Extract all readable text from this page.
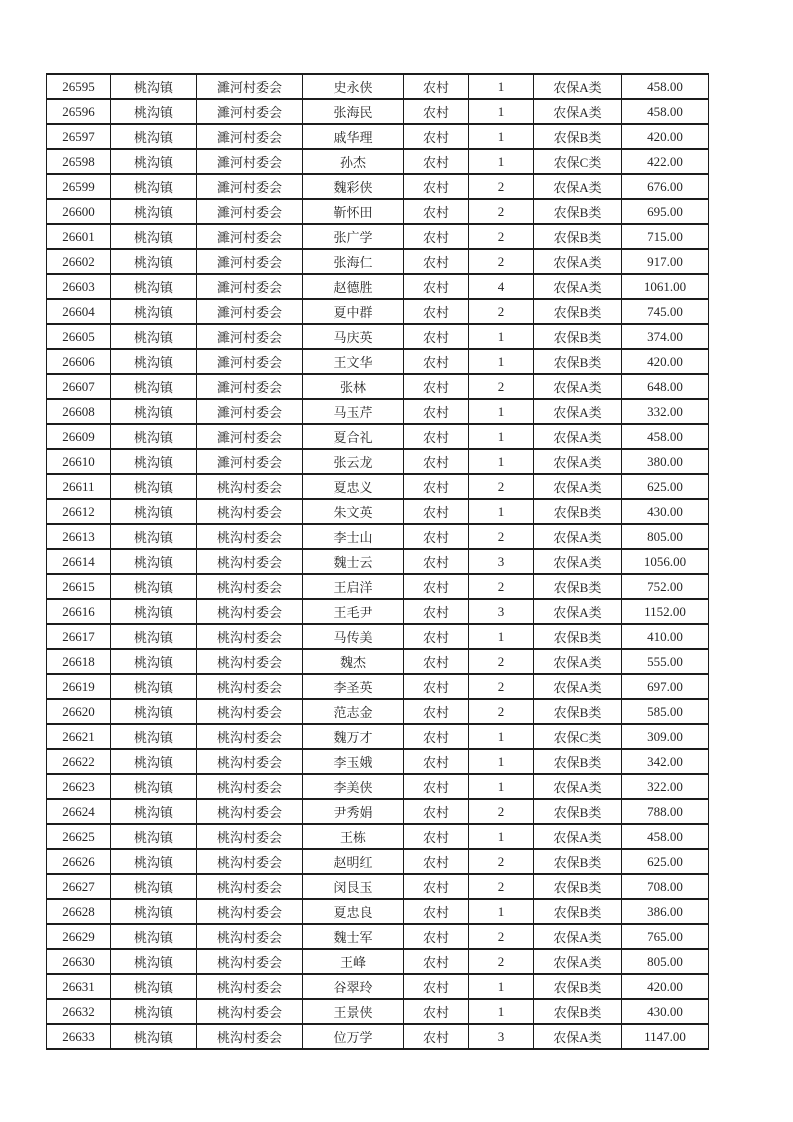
26595	桃沟镇	濉河村委会	史永侠	农村	1	农保A类	458.00
26596	桃沟镇	濉河村委会	张海民	农村	1	农保A类	458.00
26597	桃沟镇	濉河村委会	戚华理	农村	1	农保B类	420.00
26598	桃沟镇	濉河村委会	孙杰	农村	1	农保C类	422.00
26599	桃沟镇	濉河村委会	魏彩侠	农村	2	农保A类	676.00
26600	桃沟镇	濉河村委会	靳怀田	农村	2	农保B类	695.00
26601	桃沟镇	濉河村委会	张广学	农村	2	农保B类	715.00
26602	桃沟镇	濉河村委会	张海仁	农村	2	农保A类	917.00
26603	桃沟镇	濉河村委会	赵德胜	农村	4	农保A类	1061.00
26604	桃沟镇	濉河村委会	夏中群	农村	2	农保B类	745.00
26605	桃沟镇	濉河村委会	马庆英	农村	1	农保B类	374.00
26606	桃沟镇	濉河村委会	王文华	农村	1	农保B类	420.00
26607	桃沟镇	濉河村委会	张林	农村	2	农保A类	648.00
26608	桃沟镇	濉河村委会	马玉芹	农村	1	农保A类	332.00
26609	桃沟镇	濉河村委会	夏合礼	农村	1	农保A类	458.00
26610	桃沟镇	濉河村委会	张云龙	农村	1	农保A类	380.00
26611	桃沟镇	桃沟村委会	夏忠义	农村	2	农保A类	625.00
26612	桃沟镇	桃沟村委会	朱文英	农村	1	农保B类	430.00
26613	桃沟镇	桃沟村委会	李士山	农村	2	农保A类	805.00
26614	桃沟镇	桃沟村委会	魏士云	农村	3	农保A类	1056.00
26615	桃沟镇	桃沟村委会	王启洋	农村	2	农保B类	752.00
26616	桃沟镇	桃沟村委会	王毛尹	农村	3	农保A类	1152.00
26617	桃沟镇	桃沟村委会	马传美	农村	1	农保B类	410.00
26618	桃沟镇	桃沟村委会	魏杰	农村	2	农保A类	555.00
26619	桃沟镇	桃沟村委会	李圣英	农村	2	农保A类	697.00
26620	桃沟镇	桃沟村委会	范志金	农村	2	农保B类	585.00
26621	桃沟镇	桃沟村委会	魏万才	农村	1	农保C类	309.00
26622	桃沟镇	桃沟村委会	李玉娥	农村	1	农保B类	342.00
26623	桃沟镇	桃沟村委会	李美侠	农村	1	农保A类	322.00
26624	桃沟镇	桃沟村委会	尹秀娟	农村	2	农保B类	788.00
26625	桃沟镇	桃沟村委会	王栋	农村	1	农保A类	458.00
26626	桃沟镇	桃沟村委会	赵明红	农村	2	农保B类	625.00
26627	桃沟镇	桃沟村委会	闵艮玉	农村	2	农保B类	708.00
26628	桃沟镇	桃沟村委会	夏忠良	农村	1	农保B类	386.00
26629	桃沟镇	桃沟村委会	魏士军	农村	2	农保A类	765.00
26630	桃沟镇	桃沟村委会	王峰	农村	2	农保A类	805.00
26631	桃沟镇	桃沟村委会	谷翠玲	农村	1	农保B类	420.00
26632	桃沟镇	桃沟村委会	王景侠	农村	1	农保B类	430.00
26633	桃沟镇	桃沟村委会	位万学	农村	3	农保A类	1147.00
